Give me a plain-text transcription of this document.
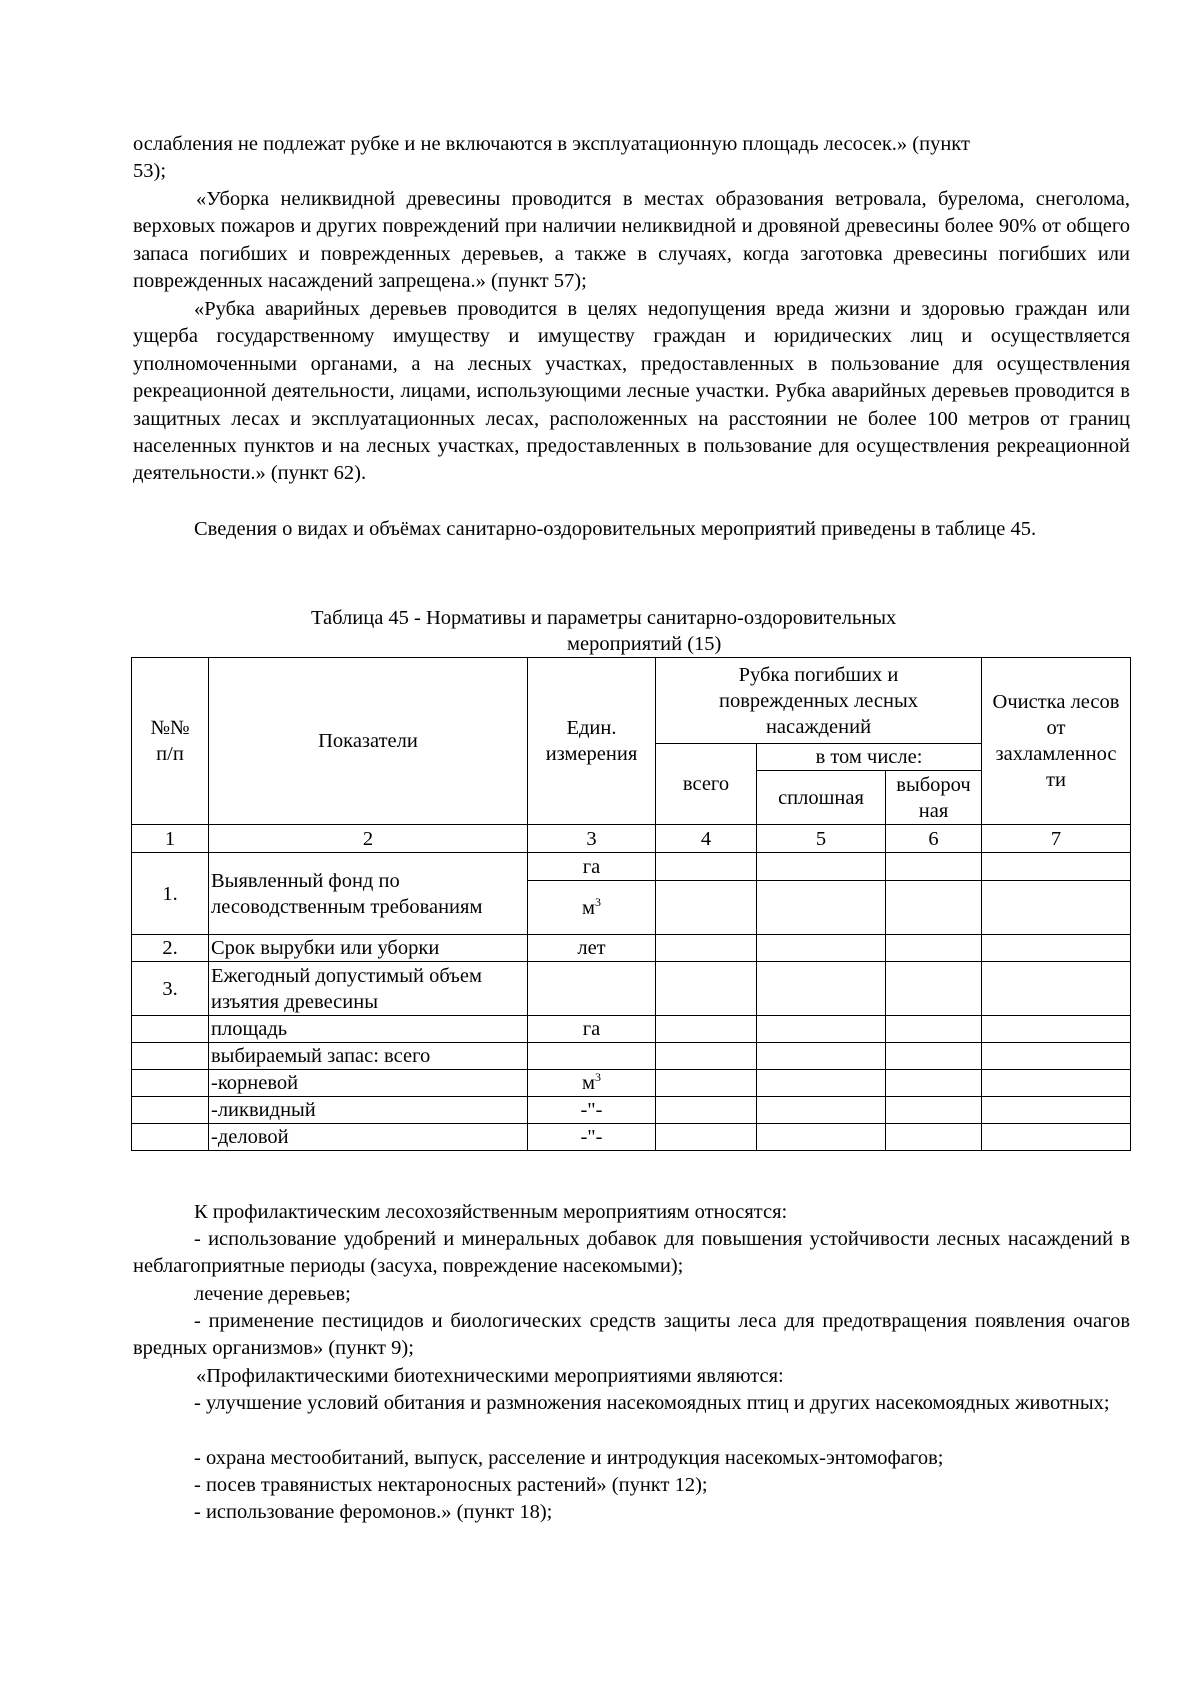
ослабления не подлежат рубке и не включаются в эксплуатационную площадь лесосек.» (пункт
53);

«Уборка неликвидной древесины проводится в местах образования ветровала, бурелома, снеголома, верховых пожаров и других повреждений при наличии неликвидной и дровяной древесины более 90% от общего запаса погибших и поврежденных деревьев, а также в случаях, когда заготовка древесины погибших или поврежденных насаждений запрещена.» (пункт 57);

«Рубка аварийных деревьев проводится в целях недопущения вреда жизни и здоровью граждан или ущерба государственному имуществу и имуществу граждан и юридических лиц и осуществляется уполномоченными органами, а на лесных участках, предоставленных в пользование для осуществления рекреационной деятельности, лицами, использующими лесные участки. Рубка аварийных деревьев проводится в защитных лесах и эксплуатационных лесах, расположенных на расстоянии не более 100 метров от границ населенных пунктов и на лесных участках, предоставленных в пользование для осуществления рекреационной деятельности.» (пункт 62).

Сведения о видах и объёмах санитарно-оздоровительных мероприятий приведены в таблице 45.

Таблица 45 - Нормативы и параметры санитарно-оздоровительных
мероприятий (15)
№№ п/п	Показатели	Един. измерения	Рубка погибших и поврежденных лесных насаждений			Очистка лесов от захламленнос ти
			всего	в том числе:		
				сплошная	выбороч ная	
1	2	3	4	5	6	7
1.	Выявленный фонд по лесоводственным требованиям	га				
		$м^3$				
2.	Срок вырубки или уборки	лет				
3.	Ежегодный допустимый объем изъятия древесины					
	площадь	га				
	выбираемый запас: всего					
	-корневой	$м^3$				
	-ликвидный	-"-				
	-деловой	-"-				
К профилактическим лесохозяйственным мероприятиям относятся:

- использование удобрений и минеральных добавок для повышения устойчивости лесных насаждений в неблагоприятные периоды (засуха, повреждение насекомыми);

лечение деревьев;

- применение пестицидов и биологических средств защиты леса для предотвращения появления очагов вредных организмов» (пункт 9);

«Профилактическими биотехническими мероприятиями являются:

- улучшение условий обитания и размножения насекомоядных птиц и других насекомоядных животных;

- охрана местообитаний, выпуск, расселение и интродукция насекомых-энтомофагов;
- посев травянистых нектароносных растений» (пункт 12);
- использование феромонов.» (пункт 18);
